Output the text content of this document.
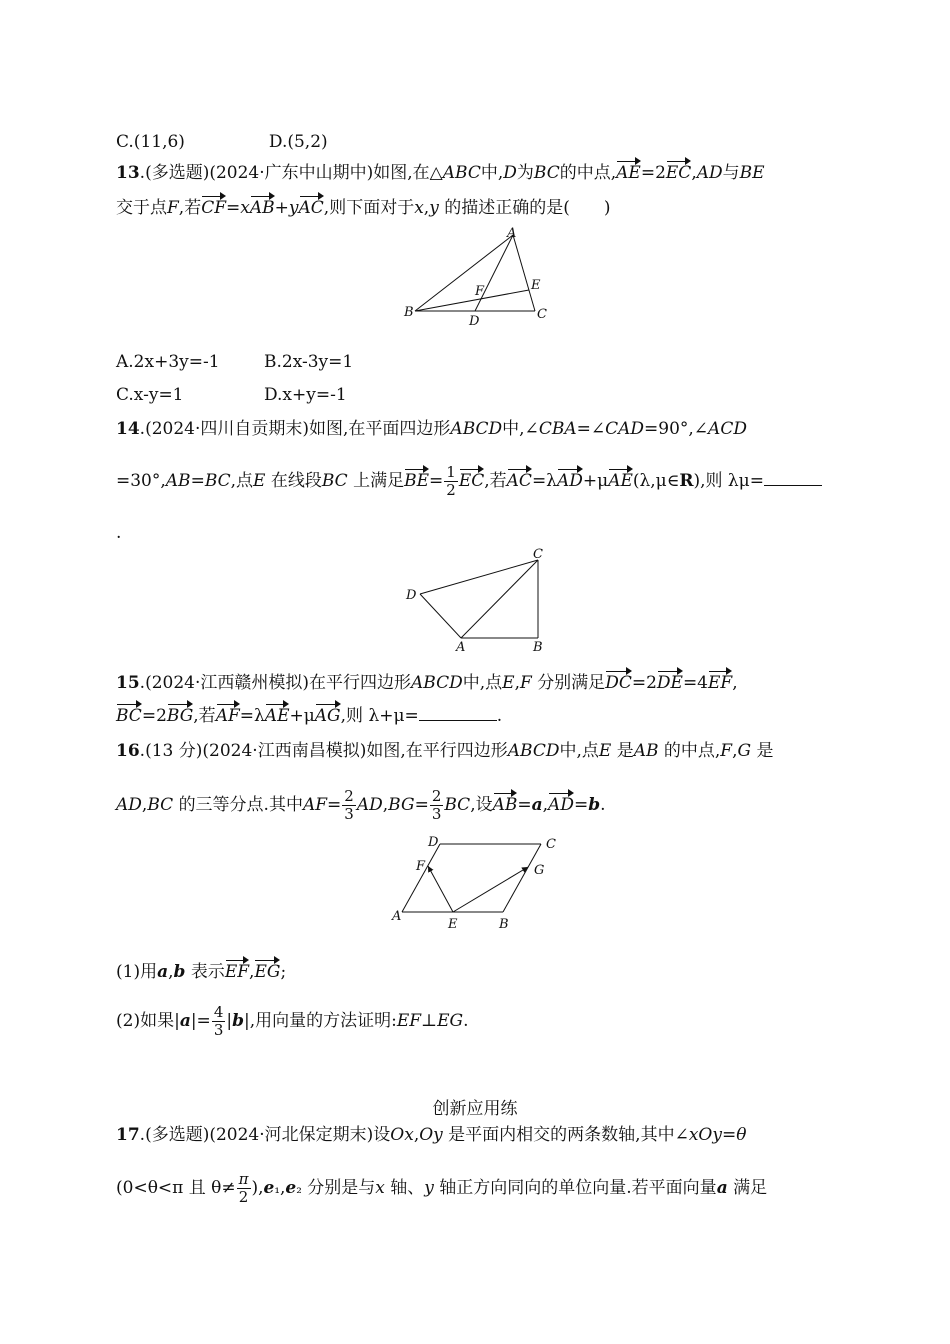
C.(11,6)	D.(5,2)
13.(多选题)(2024·广东中山期中)如图,在△ABC中,D为BC的中点,AE=2EC,AD与BE
交于点F,若CF=xAB+yAC,则下面对于x,y 的描述正确的是(　　)
A
B	C
D
E
F
A.2x+3y=-1	B.2x-3y=1
C.x-y=1	D.x+y=-1
14.(2024·四川自贡期末)如图,在平面四边形ABCD中,∠CBA=∠CAD=90°,∠ACD
=30°,AB=BC,点E 在线段BC 上满足$BE= \frac{1}{2}$ EC,若AC=λAD+μAE(λ,μ∈R),则 λμ=
.
C
D
A	B
15.(2024·江西赣州模拟)在平行四边形ABCD中,点E,F 分别满足DC=2DE=4EF,
BC=2BG,若AF=λAE+μAG,则 λ+μ=	.
16.(13 分)(2024·江西南昌模拟)如图,在平行四边形ABCD中,点E 是AB 的中点,F,G 是
AD,BC 的三等分点.其中$AF= \frac{2}{3} AD,BG= \frac{2}{3}$ BC,设AB=a,AD=b.
D	C
F	G
A
E	B
(1)用a,b 表示EF,EG;
(2)如果$|a|= \frac{4}{3} |b|$,用向量的方法证明:EF⊥EG.
创新应用练
17.(多选题)(2024·河北保定期末)设Ox,Oy 是平面内相交的两条数轴,其中∠xOy=θ
(0<θ<π 且 $\theta\ne \frac{\pi}{2} ),e_1,e_2$ 分别是与x 轴、y 轴正方向同向的单位向量.若平面向量a 满足
